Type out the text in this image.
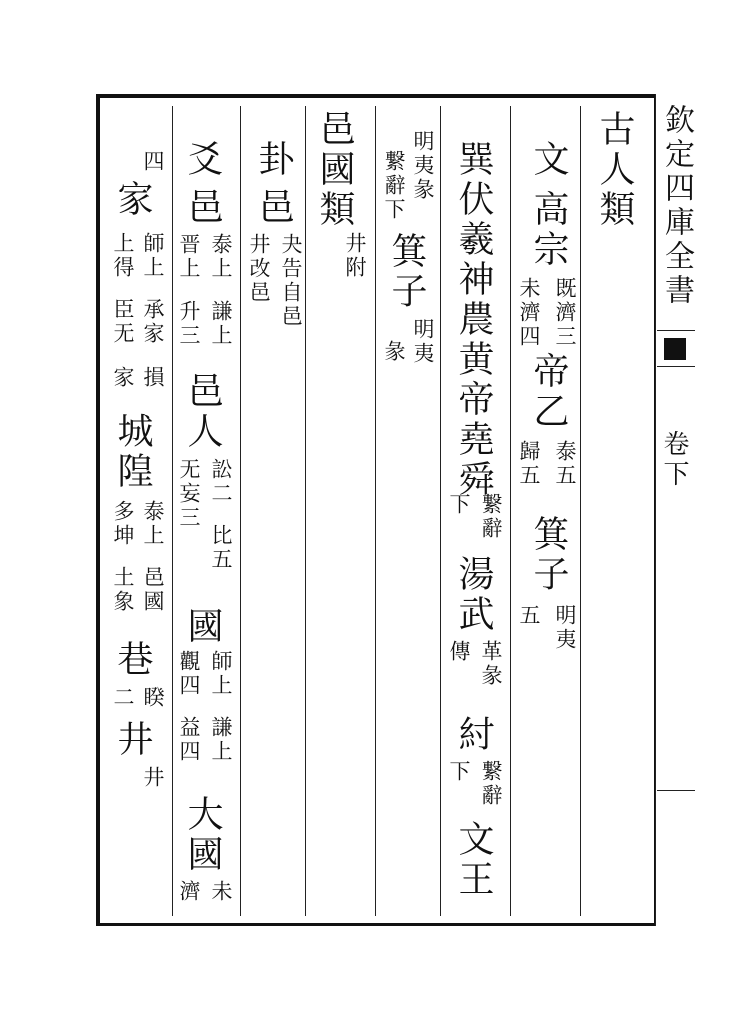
欽定四庫全書
卷下
古人類
文
高宗
既濟三
未濟四
帝乙
泰五
歸五
箕子
明夷
五
巽伏羲神農黄帝堯舜
繋辭
下
湯武
革彖
傳
紂
繋辭
下
文王
明夷彖
繋辭下
箕子
明夷
彖
邑國類
井附
卦
邑
夬告自邑
井改邑
爻
邑
泰上
晋上
謙上
升三
邑人
訟二
无妄三
比五
國
師上
觀四
謙上
益四
大國
未
濟
四
家
師上
上得
承家
臣无
損
家
城隍
泰上
多坤
邑國
土象
巷
睽
二
井
井
